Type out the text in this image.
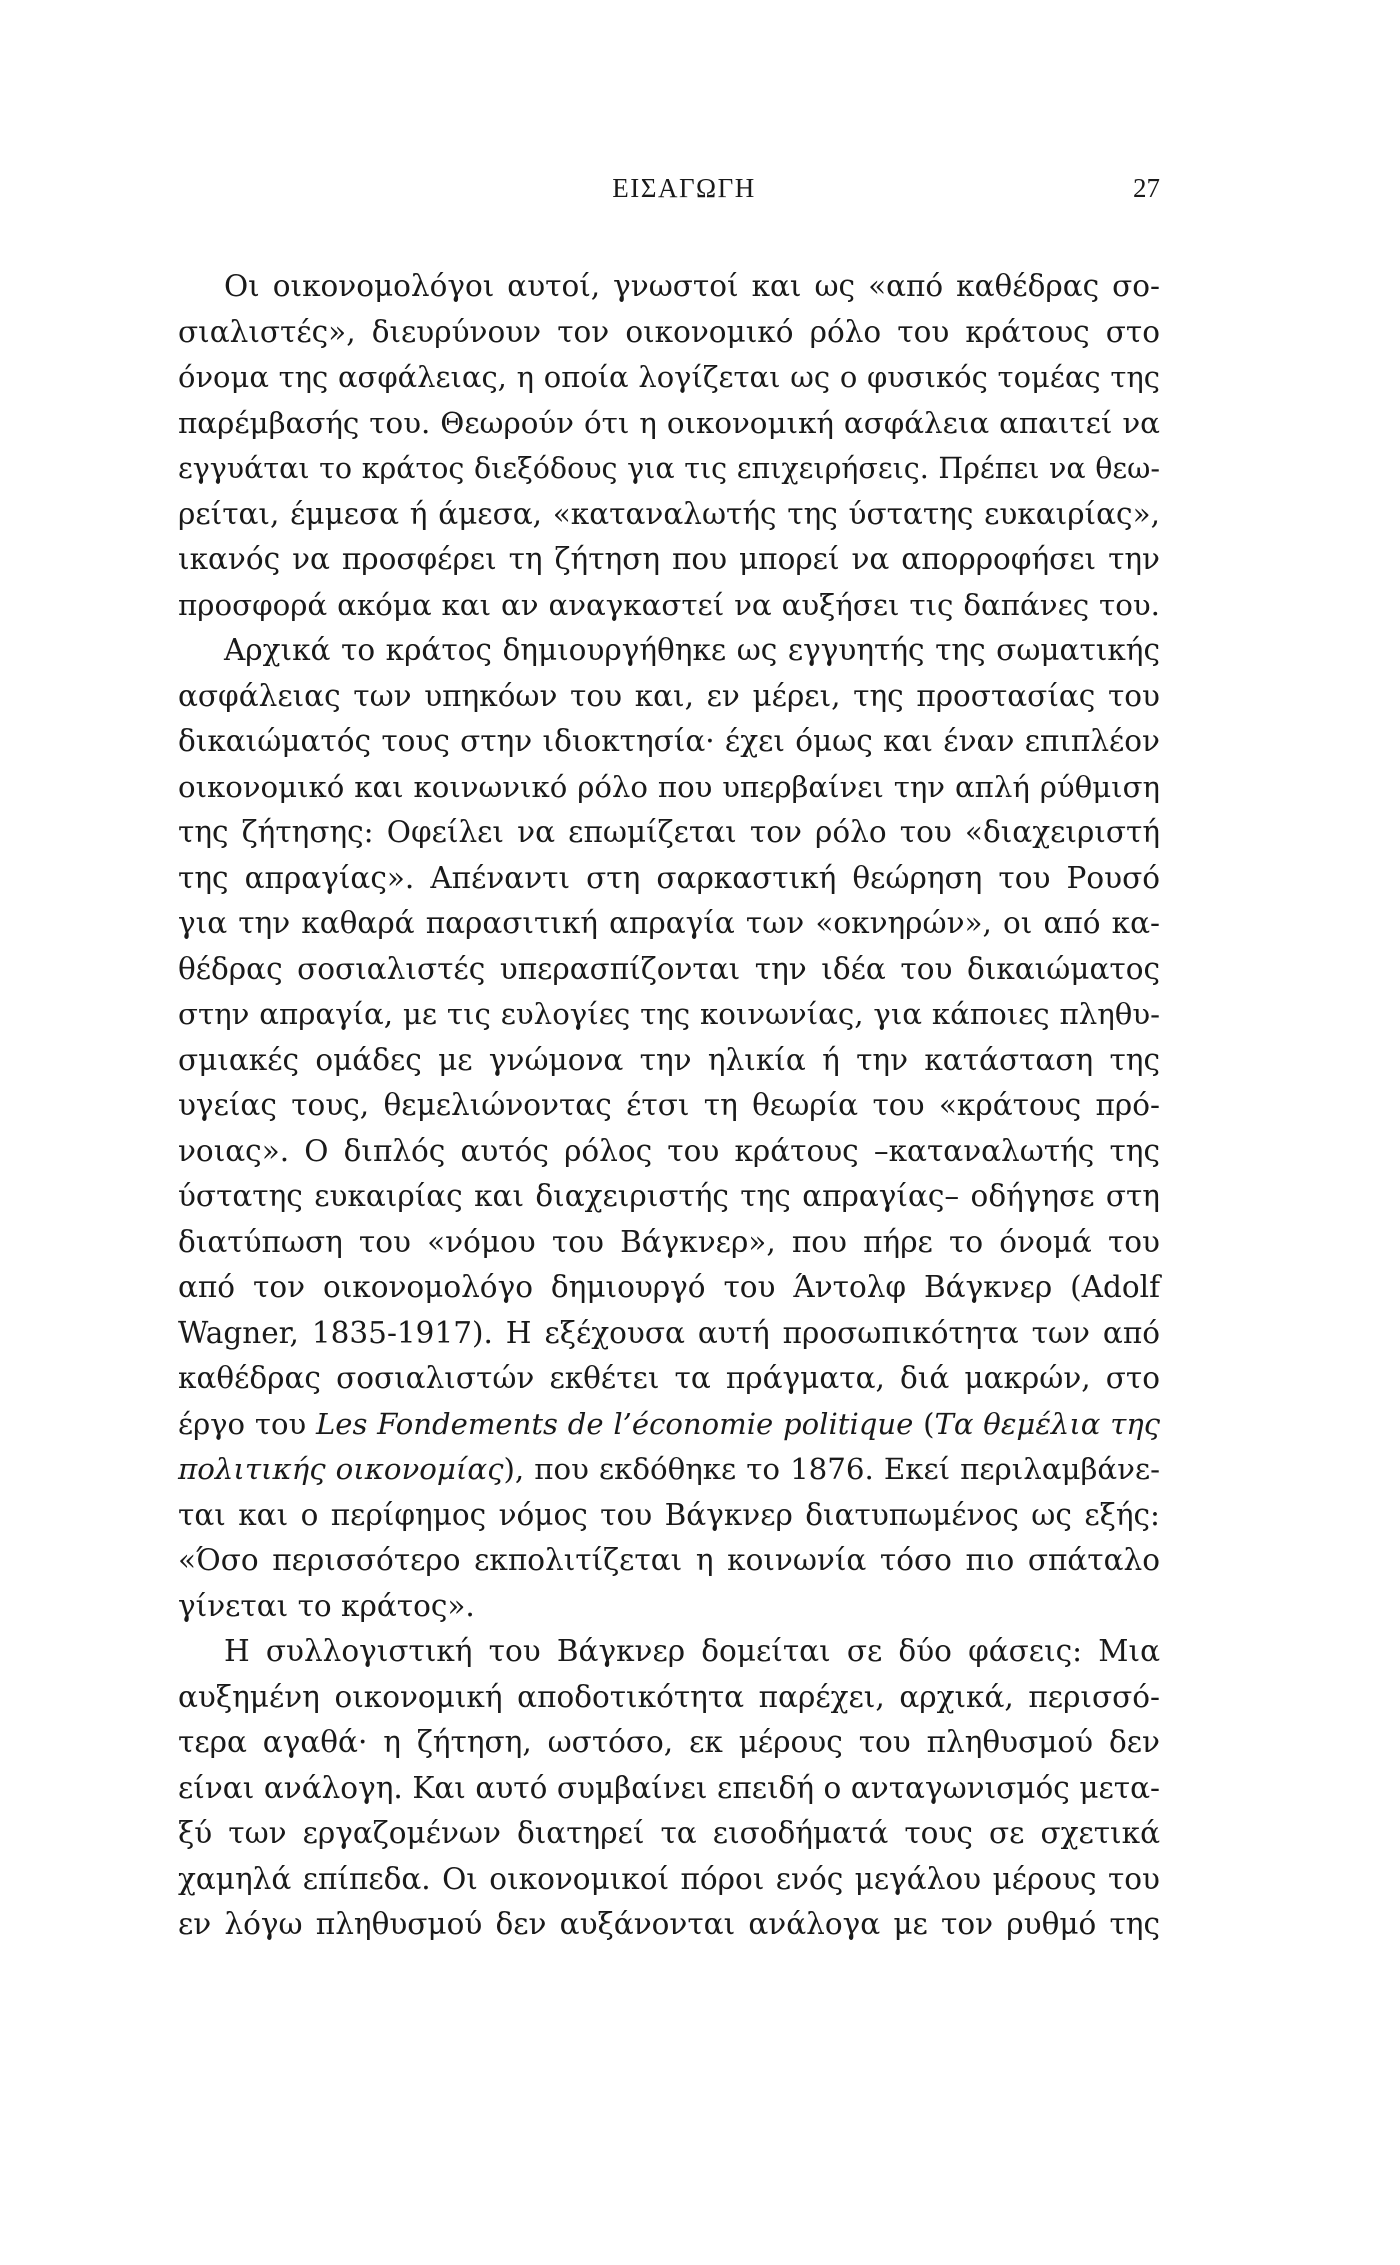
ΕΙΣΑΓΩΓΗ	27
Οι οικονομολόγοι αυτοί, γνωστοί και ως «από καθέδρας σο-
σιαλιστές», διευρύνουν τον οικονομικό ρόλο του κράτους στο
όνομα της ασφάλειας, η οποία λογίζεται ως ο φυσικός τομέας της
παρέμβασής του. Θεωρούν ότι η οικονομική ασφάλεια απαιτεί να
εγγυάται το κράτος διεξόδους για τις επιχειρήσεις. Πρέπει να θεω-
ρείται, έμμεσα ή άμεσα, «καταναλωτής της ύστατης ευκαιρίας»,
ικανός να προσφέρει τη ζήτηση που μπορεί να απορροφήσει την
προσφορά ακόμα και αν αναγκαστεί να αυξήσει τις δαπάνες του.
Αρχικά το κράτος δημιουργήθηκε ως εγγυητής της σωματικής
ασφάλειας των υπηκόων του και, εν μέρει, της προστασίας του
δικαιώματός τους στην ιδιοκτησία· έχει όμως και έναν επιπλέον
οικονομικό και κοινωνικό ρόλο που υπερβαίνει την απλή ρύθμιση
της ζήτησης: Οφείλει να επωμίζεται τον ρόλο του «διαχειριστή
της απραγίας». Απέναντι στη σαρκαστική θεώρηση του Ρουσό
για την καθαρά παρασιτική απραγία των «οκνηρών», οι από κα-
θέδρας σοσιαλιστές υπερασπίζονται την ιδέα του δικαιώματος
στην απραγία, με τις ευλογίες της κοινωνίας, για κάποιες πληθυ-
σμιακές ομάδες με γνώμονα την ηλικία ή την κατάσταση της
υγείας τους, θεμελιώνοντας έτσι τη θεωρία του «κράτους πρό-
νοιας». Ο διπλός αυτός ρόλος του κράτους –καταναλωτής της
ύστατης ευκαιρίας και διαχειριστής της απραγίας– οδήγησε στη
διατύπωση του «νόμου του Βάγκνερ», που πήρε το όνομά του
από τον οικονομολόγο δημιουργό του Άντολφ Βάγκνερ (Adolf
Wagner, 1835-1917). Η εξέχουσα αυτή προσωπικότητα των από
καθέδρας σοσιαλιστών εκθέτει τα πράγματα, διά μακρών, στο
έργο του Les Fondements de l’économie politique (Τα θεμέλια της
πολιτικής οικονομίας), που εκδόθηκε το 1876. Εκεί περιλαμβάνε-
ται και ο περίφημος νόμος του Βάγκνερ διατυπωμένος ως εξής:
«Όσο περισσότερο εκπολιτίζεται η κοινωνία τόσο πιο σπάταλο
γίνεται το κράτος».
Η συλλογιστική του Βάγκνερ δομείται σε δύο φάσεις: Μια
αυξημένη οικονομική αποδοτικότητα παρέχει, αρχικά, περισσό-
τερα αγαθά· η ζήτηση, ωστόσο, εκ μέρους του πληθυσμού δεν
είναι ανάλογη. Και αυτό συμβαίνει επειδή ο ανταγωνισμός μετα-
ξύ των εργαζομένων διατηρεί τα εισοδήματά τους σε σχετικά
χαμηλά επίπεδα. Οι οικονομικοί πόροι ενός μεγάλου μέρους του
εν λόγω πληθυσμού δεν αυξάνονται ανάλογα με τον ρυθμό της
